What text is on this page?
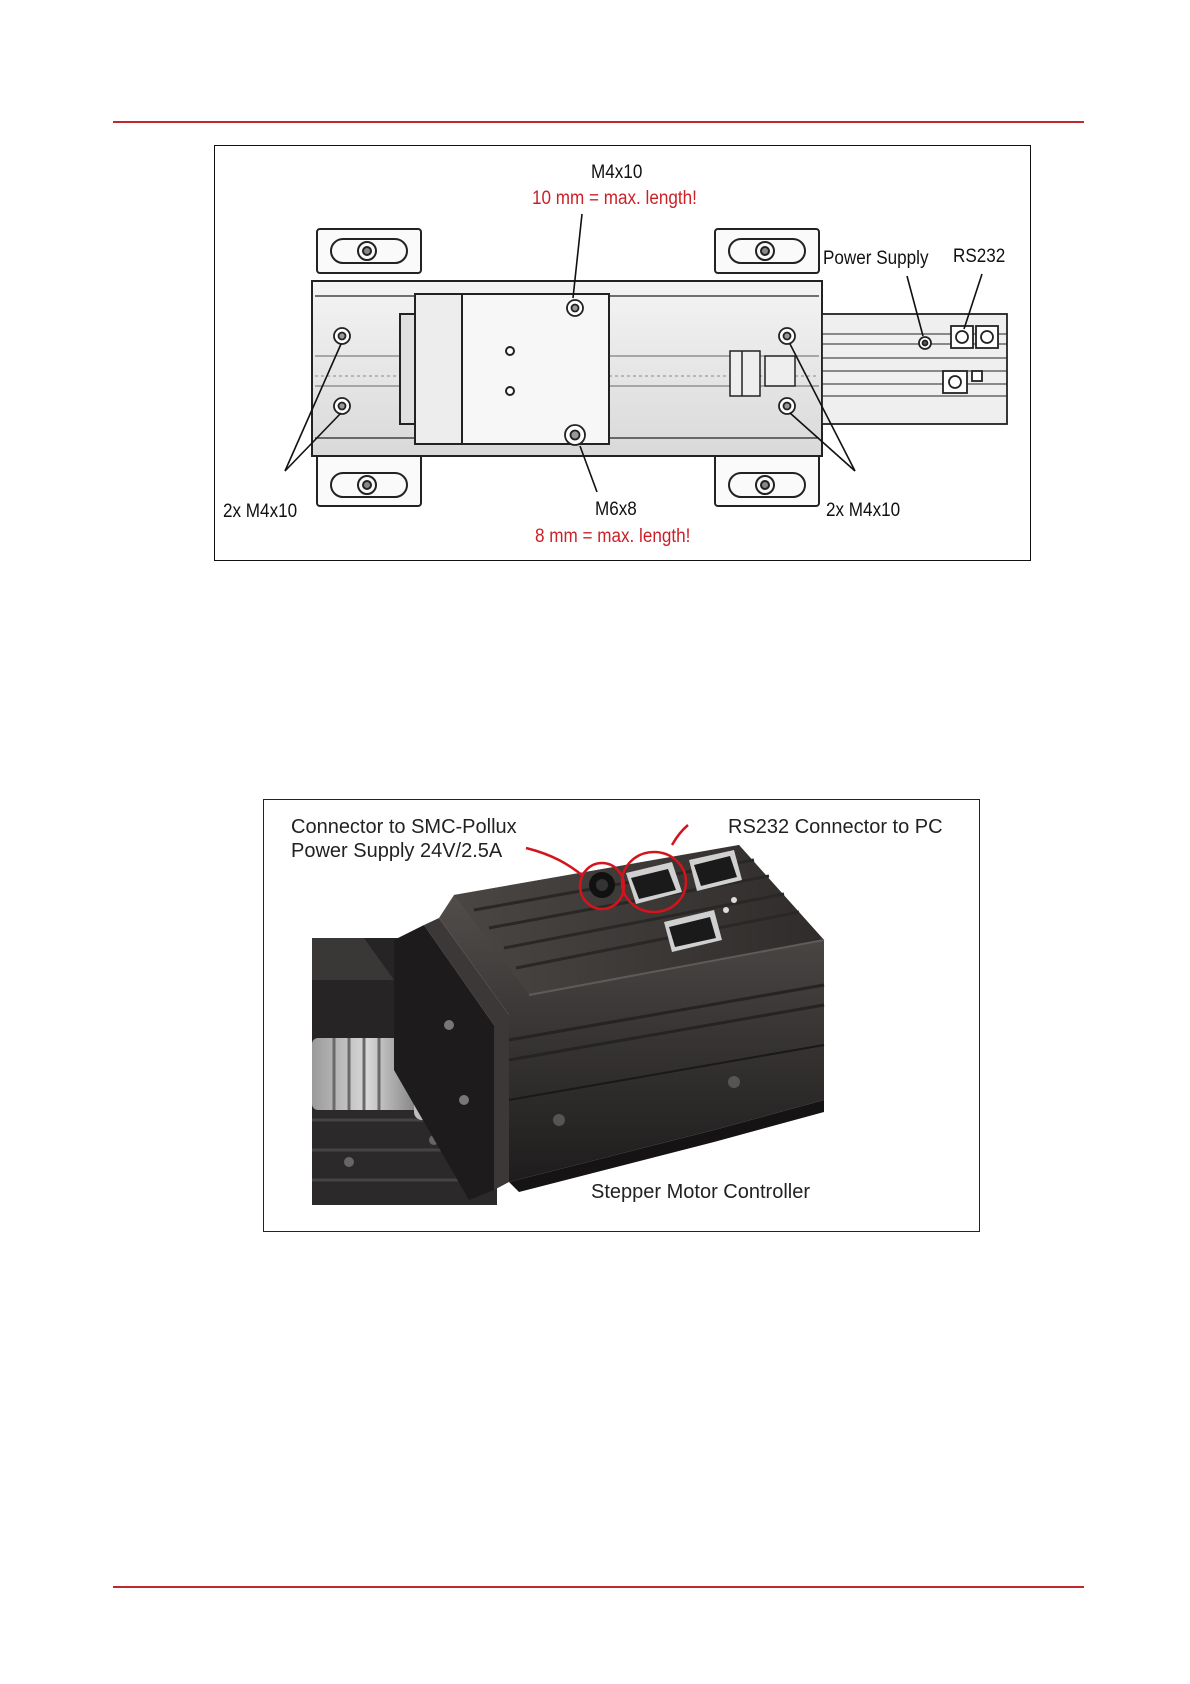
M4x10
10 mm = max. length!
Power Supply RS232
2x M4x10	M6x8
8 mm = max. length!
2x M4x10
Connector to SMC-Pollux
Power Supply 24V/2.5A
RS232 Connector to PC
Stepper Motor Controller
